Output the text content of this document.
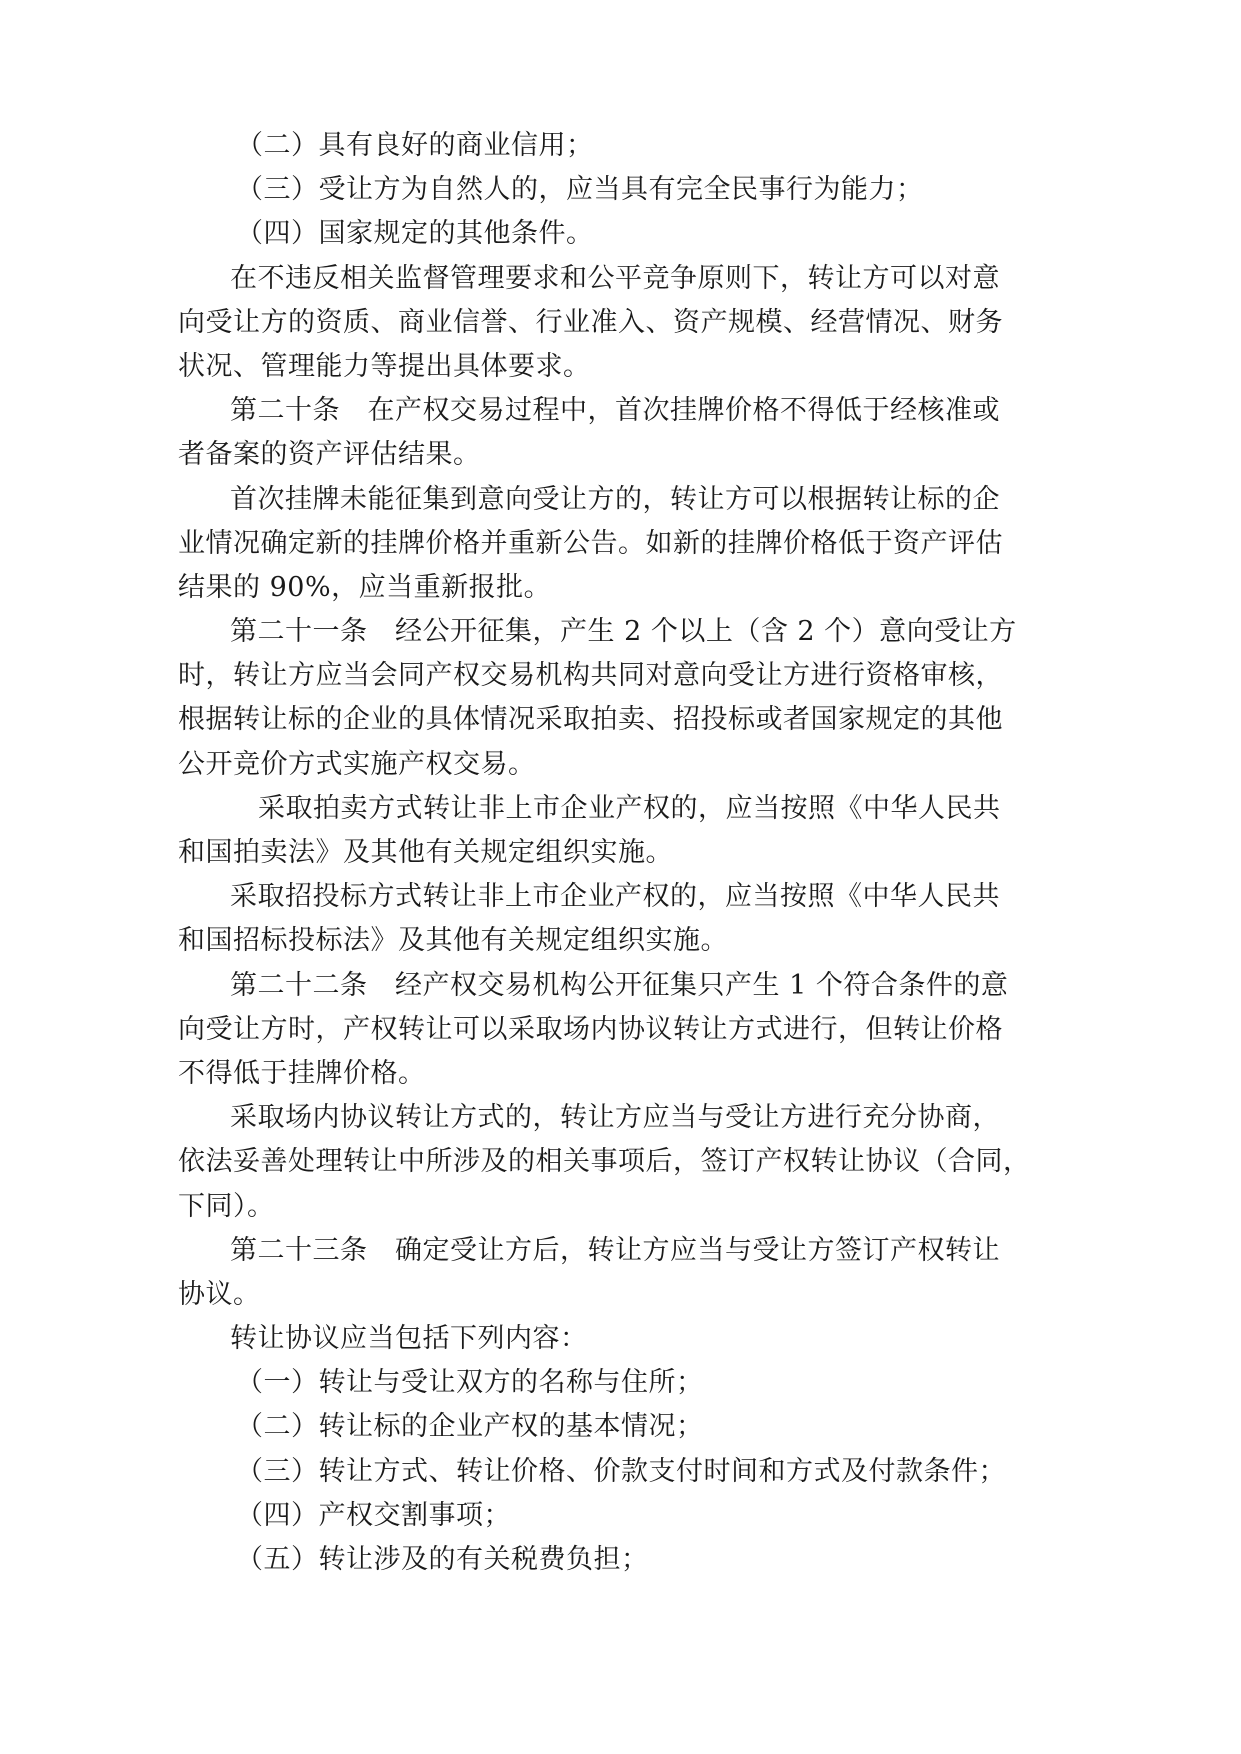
（二）具有良好的商业信用；
（三）受让方为自然人的，应当具有完全民事行为能力；
（四）国家规定的其他条件。
在不违反相关监督管理要求和公平竞争原则下，转让方可以对意
向受让方的资质、商业信誉、行业准入、资产规模、经营情况、财务
状况、管理能力等提出具体要求。
第二十条　在产权交易过程中，首次挂牌价格不得低于经核准或
者备案的资产评估结果。
首次挂牌未能征集到意向受让方的，转让方可以根据转让标的企
业情况确定新的挂牌价格并重新公告。如新的挂牌价格低于资产评估
结果的 90%，应当重新报批。
第二十一条　经公开征集，产生 2 个以上（含 2 个）意向受让方
时，转让方应当会同产权交易机构共同对意向受让方进行资格审核，
根据转让标的企业的具体情况采取拍卖、招投标或者国家规定的其他
公开竞价方式实施产权交易。
采取拍卖方式转让非上市企业产权的，应当按照《中华人民共
和国拍卖法》及其他有关规定组织实施。
采取招投标方式转让非上市企业产权的，应当按照《中华人民共
和国招标投标法》及其他有关规定组织实施。
第二十二条　经产权交易机构公开征集只产生 1 个符合条件的意
向受让方时，产权转让可以采取场内协议转让方式进行，但转让价格
不得低于挂牌价格。
采取场内协议转让方式的，转让方应当与受让方进行充分协商，
依法妥善处理转让中所涉及的相关事项后，签订产权转让协议（合同，
下同）。
第二十三条　确定受让方后，转让方应当与受让方签订产权转让
协议。
转让协议应当包括下列内容：
（一）转让与受让双方的名称与住所；
（二）转让标的企业产权的基本情况；
（三）转让方式、转让价格、价款支付时间和方式及付款条件；
（四）产权交割事项；
（五）转让涉及的有关税费负担；
